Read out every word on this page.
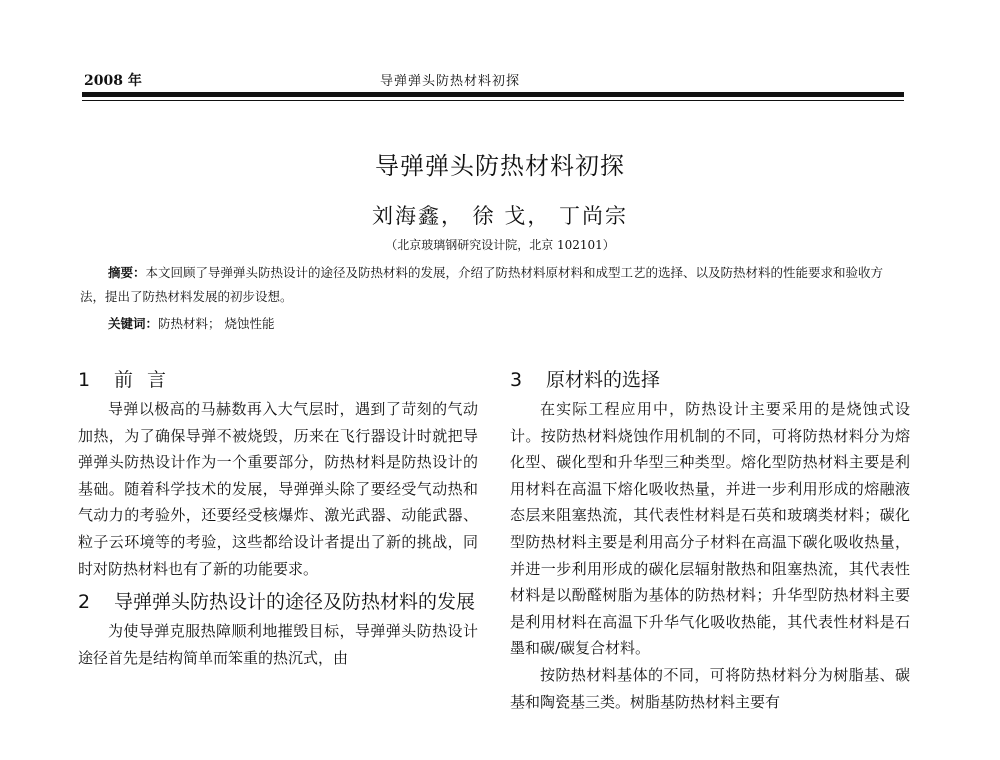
2008 年	导弹弹头防热材料初探
导弹弹头防热材料初探
刘海鑫， 徐 戈， 丁尚宗
（北京玻璃钢研究设计院，北京 102101）
摘要：本文回顾了导弹弹头防热设计的途径及防热材料的发展，介绍了防热材料原材料和成型工艺的选择、以及防热材料的性能要求和验收方法，提出了防热材料发展的初步设想。
关键词：防热材料； 烧蚀性能
1	前言

导弹以极高的马赫数再入大气层时，遇到了苛刻的气动加热，为了确保导弹不被烧毁，历来在飞行器设计时就把导弹弹头防热设计作为一个重要部分，防热材料是防热设计的基础。随着科学技术的发展，导弹弹头除了要经受气动热和气动力的考验外，还要经受核爆炸、激光武器、动能武器、粒子云环境等的考验，这些都给设计者提出了新的挑战，同时对防热材料也有了新的功能要求。

2	导弹弹头防热设计的途径及防热材料的发展

为使导弹克服热障顺利地摧毁目标，导弹弹头防热设计途径首先是结构简单而笨重的热沉式，由

3	原材料的选择

在实际工程应用中，防热设计主要采用的是烧蚀式设计。按防热材料烧蚀作用机制的不同，可将防热材料分为熔化型、碳化型和升华型三种类型。熔化型防热材料主要是利用材料在高温下熔化吸收热量，并进一步利用形成的熔融液态层来阻塞热流，其代表性材料是石英和玻璃类材料；碳化型防热材料主要是利用高分子材料在高温下碳化吸收热量，并进一步利用形成的碳化层辐射散热和阻塞热流，其代表性材料是以酚醛树脂为基体的防热材料；升华型防热材料主要是利用材料在高温下升华气化吸收热能，其代表性材料是石墨和碳/碳复合材料。

按防热材料基体的不同，可将防热材料分为树脂基、碳基和陶瓷基三类。树脂基防热材料主要有
